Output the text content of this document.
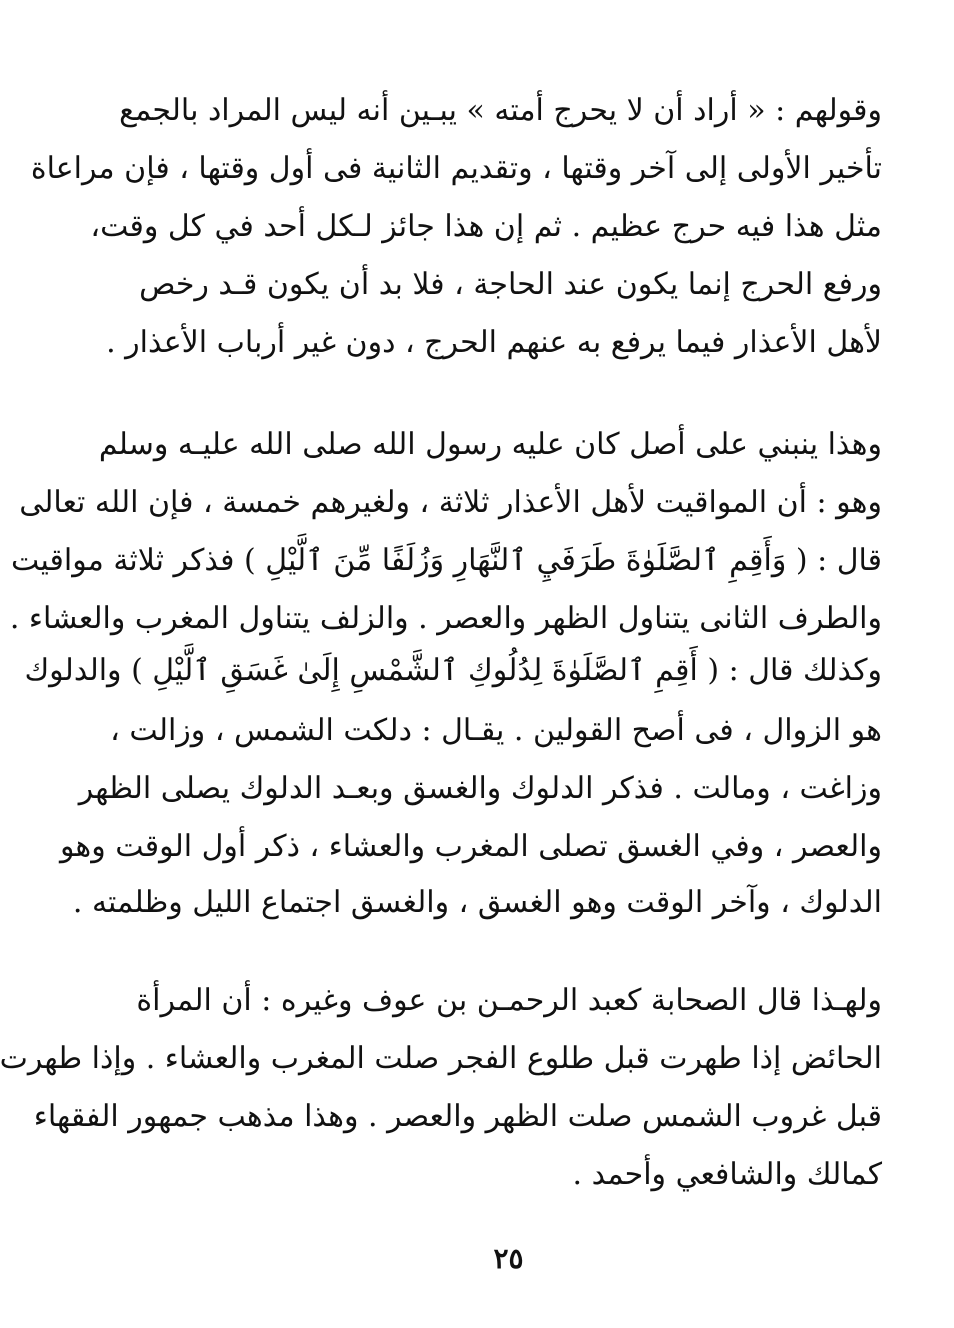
وقولهم : « أراد أن لا يحرج أمته » يبـين أنه ليس المراد بالجمع
تأخير الأولى إلى آخر وقتها ، وتقديم الثانية فى أول وقتها ، فإن مراعاة
مثل هذا فيه حرج عظيم . ثم إن هذا جائز لـكل أحد في كل وقت،
ورفع الحرج إنما يكون عند الحاجة ، فلا بد أن يكون قـد رخص
لأهل الأعذار فيما يرفع به عنهم الحرج ، دون غير أرباب الأعذار .
وهذا ينبني على أصل كان عليه رسول الله صلى الله عليـه وسلم
وهو : أن المواقيت لأهل الأعذار ثلاثة ، ولغيرهم خمسة ، فإن الله تعالى
قال : ( وَأَقِمِ ٱلصَّلَوٰةَ طَرَفَيِ ٱلنَّهَارِ وَزُلَفًا مِّنَ ٱلَّيْلِ ) فذكر ثلاثة مواقيت
والطرف الثانى يتناول الظهر والعصر . والزلف يتناول المغرب والعشاء .
وكذلك قال : ( أَقِمِ ٱلصَّلَوٰةَ لِدُلُوكِ ٱلشَّمْسِ إِلَىٰ غَسَقِ ٱلَّيْلِ ) والدلوك
هو الزوال ، فى أصح القولين . يقـال : دلكت الشمس ، وزالت ،
وزاغت ، ومالت . فذكر الدلوك والغسق وبعـد الدلوك يصلى الظهر
والعصر ، وفي الغسق تصلى المغرب والعشاء ، ذكر أول الوقت وهو
الدلوك ، وآخر الوقت وهو الغسق ، والغسق اجتماع الليل وظلمته .
ولهـذا قال الصحابة كعبد الرحمـن بن عوف وغيره : أن المرأة
الحائض إذا طهرت قبل طلوع الفجر صلت المغرب والعشاء . وإذا طهرت
قبل غروب الشمس صلت الظهر والعصر . وهذا مذهب جمهور الفقهاء
كمالك والشافعي وأحمد .
٢٥
